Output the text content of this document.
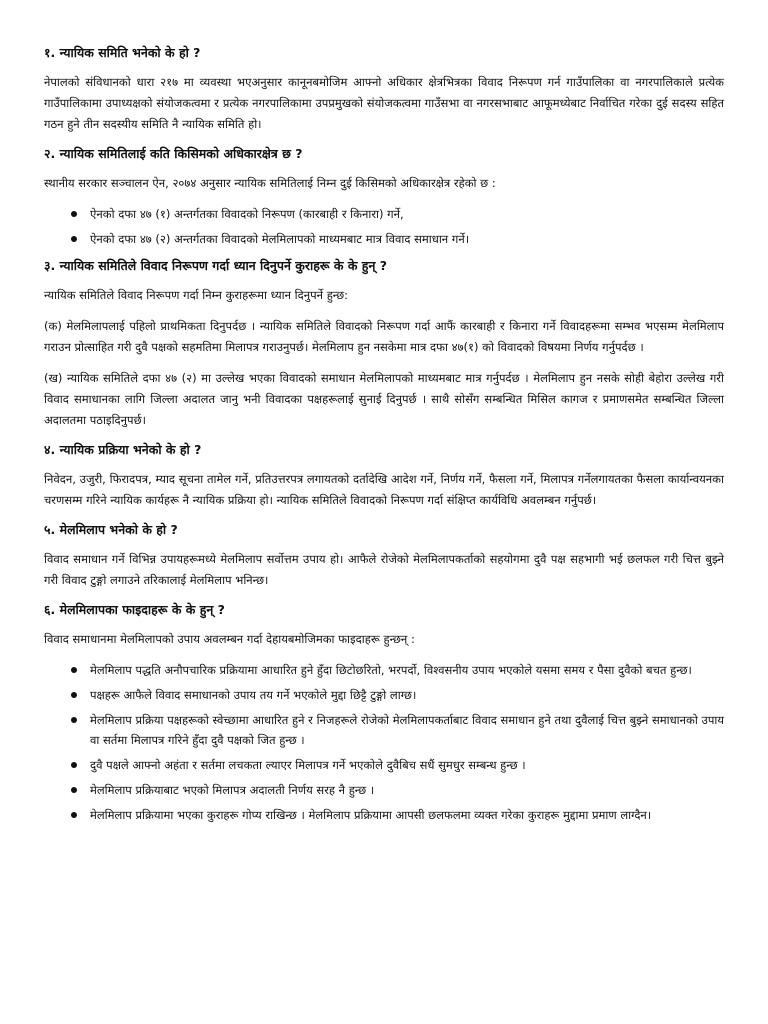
१. न्यायिक समिति भनेको के हो ?

नेपालको संविधानको धारा २१७ मा व्यवस्था भएअनुसार कानूनबमोजिम आफ्नो अधिकार क्षेत्रभित्रका विवाद निरूपण गर्न गाउँपालिका वा नगरपालिकाले प्रत्येक गाउँपालिकामा उपाध्यक्षको संयोजकत्वमा र प्रत्येक नगरपालिकामा उपप्रमुखको संयोजकत्वमा गाउँसभा वा नगरसभाबाट आफूमध्येबाट निर्वाचित गरेका दुई सदस्य सहित गठन हुने तीन सदस्यीय समिति नै न्यायिक समिति हो।

२. न्यायिक समितिलाई कति किसिमको अधिकारक्षेत्र छ ?

स्थानीय सरकार सञ्चालन ऐन, २०७४ अनुसार न्यायिक समितिलाई निम्न दुई किसिमको अधिकारक्षेत्र रहेको छ :

ऐनको दफा ४७ (१) अन्तर्गतका विवादको निरूपण (कारबाही र किनारा) गर्ने,
ऐनको दफा ४७ (२) अन्तर्गतका विवादको मेलमिलापको माध्यमबाट मात्र विवाद समाधान गर्ने।
३. न्यायिक समितिले विवाद निरूपण गर्दा ध्यान दिनुपर्ने कुराहरू के के हुन् ?

न्यायिक समितिले विवाद निरूपण गर्दा निम्न कुराहरूमा ध्यान दिनुपर्ने हुन्छ:

(क) मेलमिलापलाई पहिलो प्राथमिकता दिनुपर्दछ । न्यायिक समितिले विवादको निरूपण गर्दा आफैं कारबाही र किनारा गर्ने विवादहरूमा सम्भव भएसम्म मेलमिलाप गराउन प्रोत्साहित गरी दुवै पक्षको सहमतिमा मिलापत्र गराउनुपर्छ। मेलमिलाप हुन नसकेमा मात्र दफा ४७(१) को विवादको विषयमा निर्णय गर्नुपर्दछ ।

(ख) न्यायिक समितिले दफा ४७ (२) मा उल्लेख भएका विवादको समाधान मेलमिलापको माध्यमबाट मात्र गर्नुपर्दछ । मेलमिलाप हुन नसके सोही बेहोरा उल्लेख गरी विवाद समाधानका लागि जिल्ला अदालत जानु भनी विवादका पक्षहरूलाई सुनाई दिनुपर्छ । साथै सोसँग सम्बन्धित मिसिल कागज र प्रमाणसमेत सम्बन्धित जिल्ला अदालतमा पठाइदिनुपर्छ।

४. न्यायिक प्रक्रिया भनेको के हो ?

निवेदन, उजुरी, फिरादपत्र, म्याद सूचना तामेल गर्ने, प्रतिउत्तरपत्र लगायतको दर्तादेखि आदेश गर्ने, निर्णय गर्ने, फैसला गर्ने, मिलापत्र गर्नेलगायतका फैसला कार्यान्वयनका चरणसम्म गरिने न्यायिक कार्यहरू नै न्यायिक प्रक्रिया हो। न्यायिक समितिले विवादको निरूपण गर्दा संक्षिप्त कार्यविधि अवलम्बन गर्नुपर्छ।

५. मेलमिलाप भनेको के हो ?

विवाद समाधान गर्ने विभिन्न उपायहरूमध्ये मेलमिलाप सर्वोत्तम उपाय हो। आफैले रोजेको मेलमिलापकर्ताको सहयोगमा दुवै पक्ष सहभागी भई छलफल गरी चित्त बुझ्ने गरी विवाद टुङ्गो लगाउने तरिकालाई मेलमिलाप भनिन्छ।

६. मेलमिलापका फाइदाहरू के के हुन् ?

विवाद समाधानमा मेलमिलापको उपाय अवलम्बन गर्दा देहायबमोजिमका फाइदाहरू हुन्छन् :

मेलमिलाप पद्धति अनौपचारिक प्रक्रियामा आधारित हुने हुँदा छिटोछरितो, भरपर्दो, विश्वसनीय उपाय भएकोले यसमा समय र पैसा दुवैको बचत हुन्छ।
पक्षहरू आफैले विवाद समाधानको उपाय तय गर्ने भएकोले मुद्दा छिट्टै टुङ्गो लाग्छ।
मेलमिलाप प्रक्रिया पक्षहरूको स्वेच्छामा आधारित हुने र निजहरूले रोजेको मेलमिलापकर्ताबाट विवाद समाधान हुने तथा दुवैलाई चित्त बुझ्ने समाधानको उपाय वा सर्तमा मिलापत्र गरिने हुँदा दुवै पक्षको जित हुन्छ ।
दुवै पक्षले आफ्नो अहंता र सर्तमा लचकता ल्याएर मिलापत्र गर्ने भएकोले दुवैबिच सधैं सुमधुर सम्बन्ध हुन्छ ।
मेलमिलाप प्रक्रियाबाट भएको मिलापत्र अदालती निर्णय सरह नै हुन्छ ।
मेलमिलाप प्रक्रियामा भएका कुराहरू गोप्य राखिन्छ । मेलमिलाप प्रक्रियामा आपसी छलफलमा व्यक्त गरेका कुराहरू मुद्दामा प्रमाण लाग्दैन।
